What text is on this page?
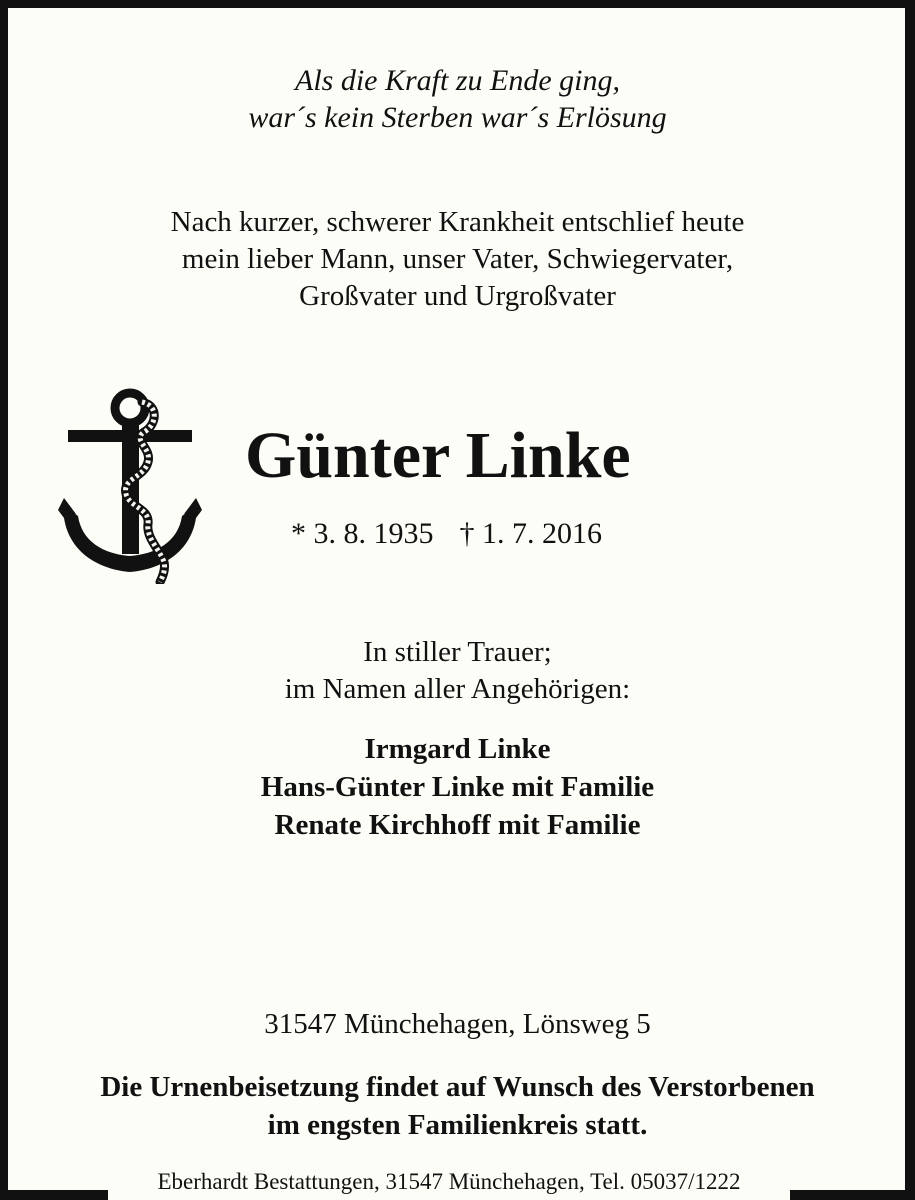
Als die Kraft zu Ende ging,
war´s kein Sterben war´s Erlösung
Nach kurzer, schwerer Krankheit entschlief heute
mein lieber Mann, unser Vater, Schwiegervater,
Großvater und Urgroßvater
Günter Linke
* 3. 8. 1935 † 1. 7. 2016
In stiller Trauer;
im Namen aller Angehörigen:
Irmgard Linke
Hans-Günter Linke mit Familie
Renate Kirchhoff mit Familie
31547 Münchehagen, Lönsweg 5
Die Urnenbeisetzung findet auf Wunsch des Verstorbenen
im engsten Familienkreis statt.
Eberhardt Bestattungen, 31547 Münchehagen, Tel. 05037/1222
